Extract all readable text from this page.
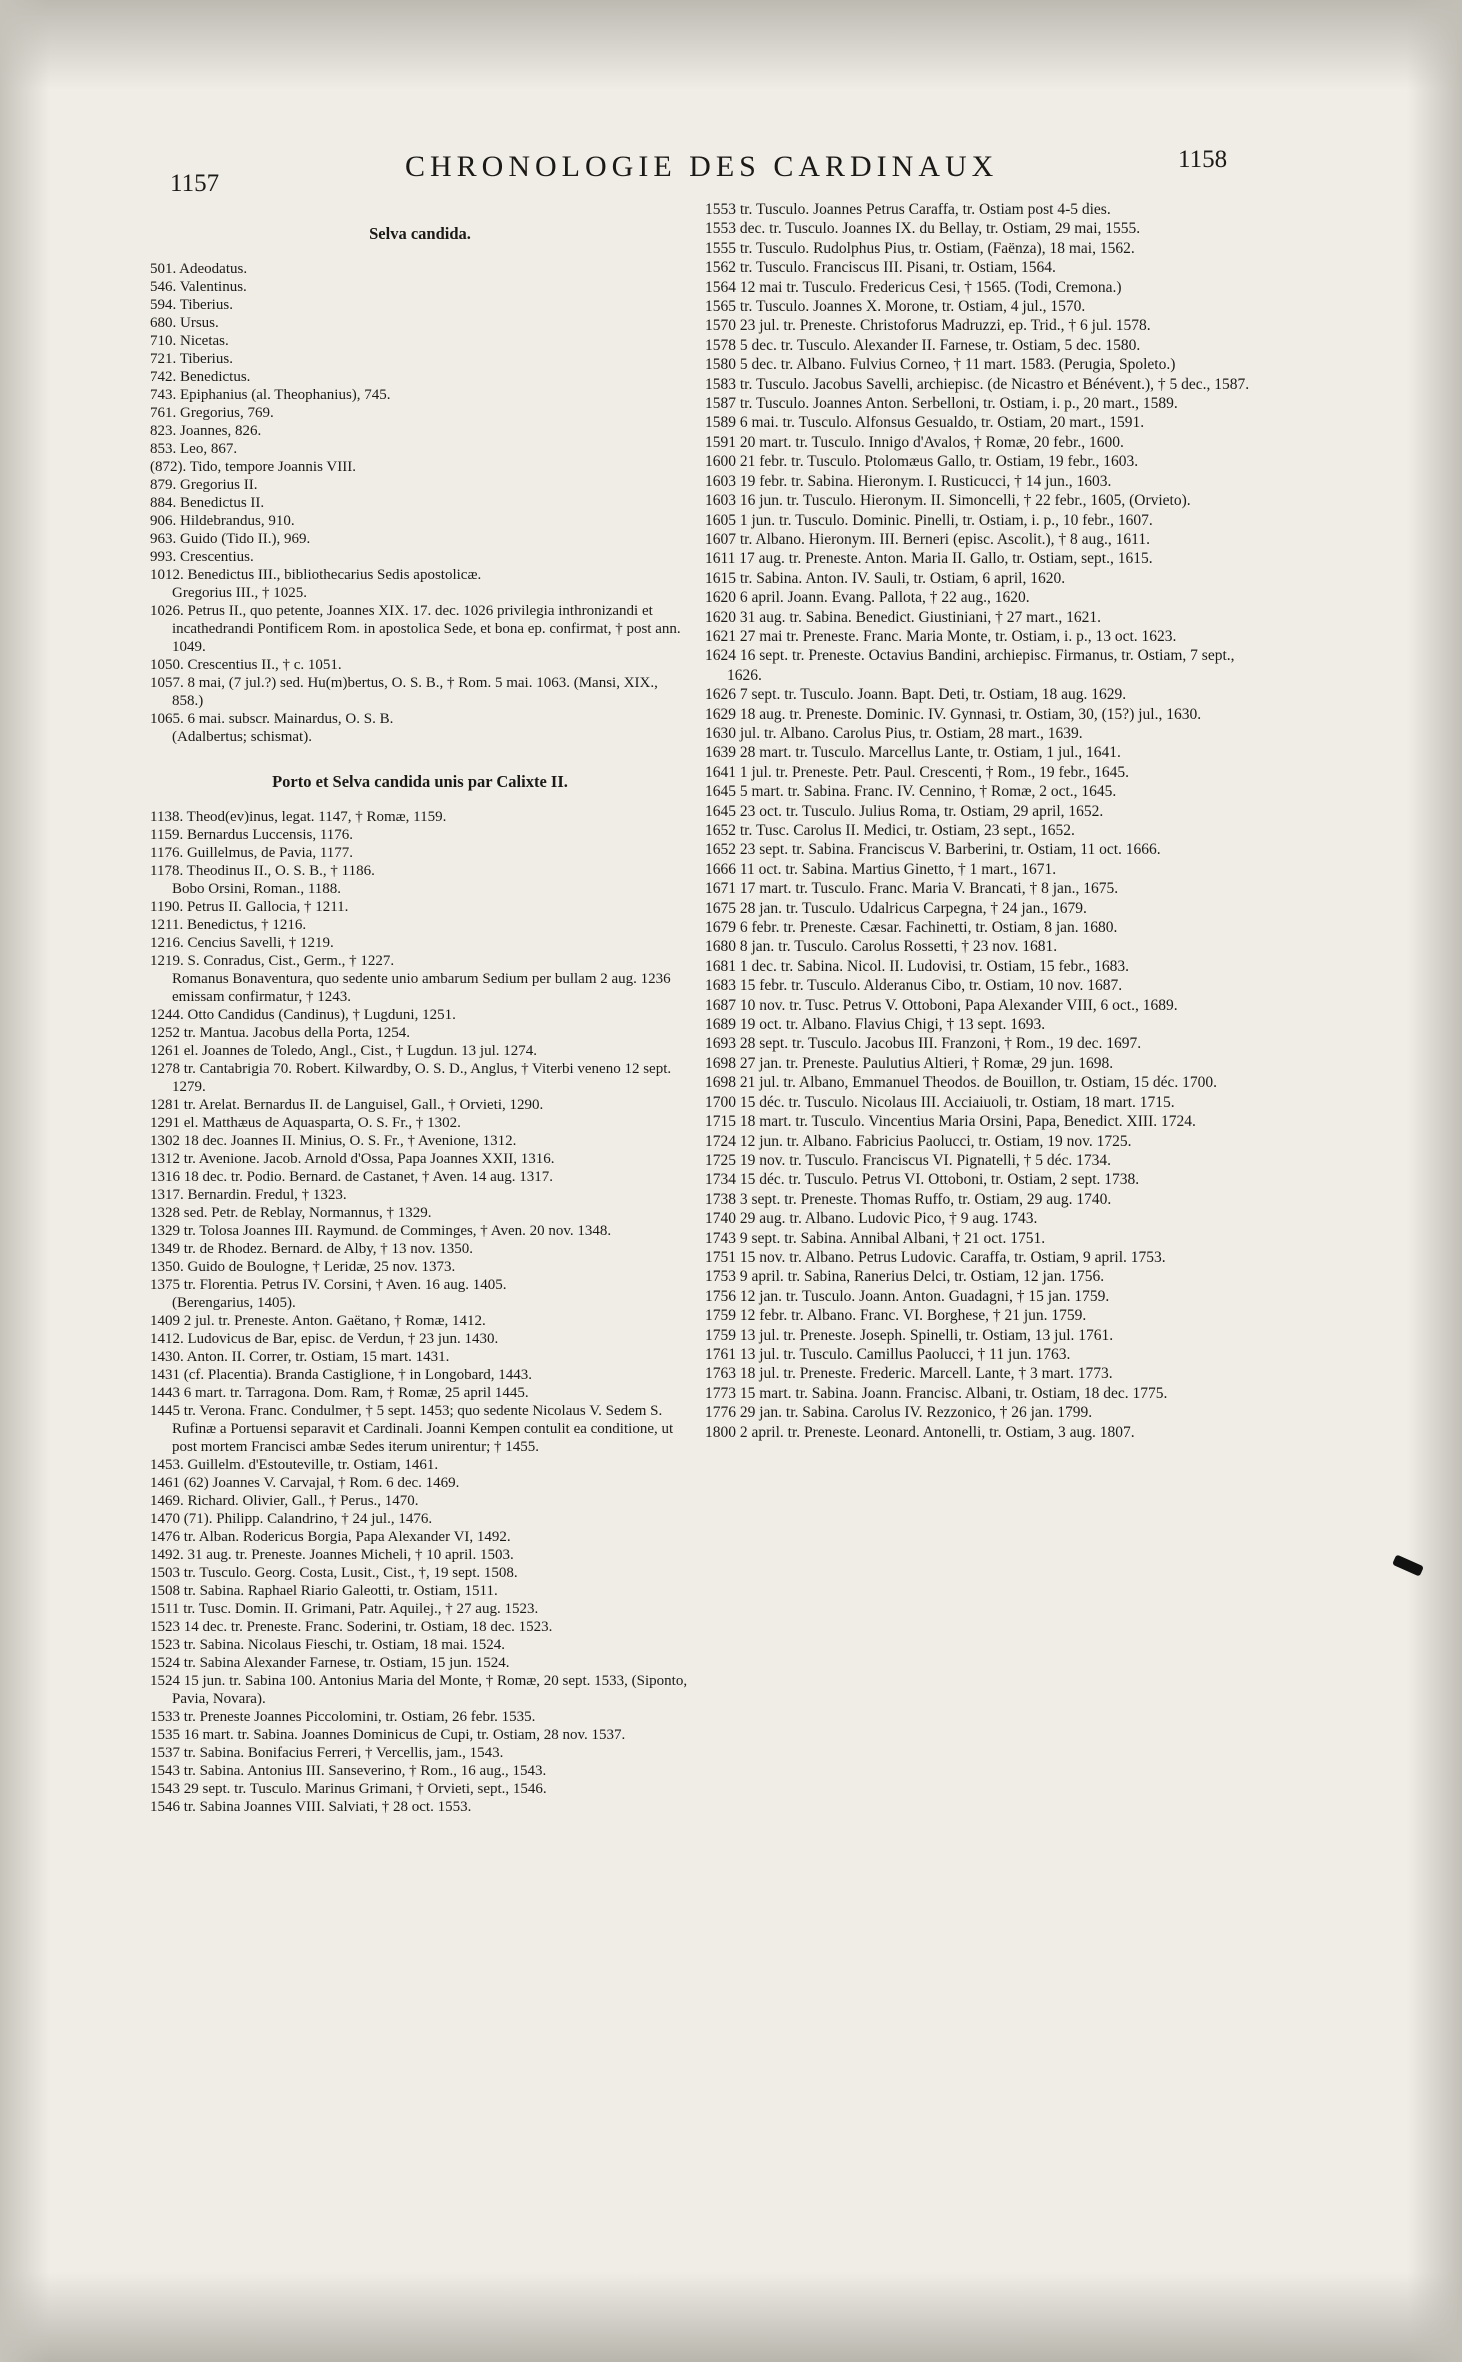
1157
CHRONOLOGIE DES CARDINAUX	1158
Selva candida.
501. Adeodatus.
546. Valentinus.
594. Tiberius.
680. Ursus.
710. Nicetas.
721. Tiberius.
742. Benedictus.
743. Epiphanius (al. Theophanius), 745.
761. Gregorius, 769.
823. Joannes, 826.
853. Leo, 867.
(872). Tido, tempore Joannis VIII.
879. Gregorius II.
884. Benedictus II.
906. Hildebrandus, 910.
963. Guido (Tido II.), 969.
993. Crescentius.
1012. Benedictus III., bibliothecarius Sedis apostolicæ.
Gregorius III., † 1025.
1026. Petrus II., quo petente, Joannes XIX. 17. dec. 1026 privilegia inthronizandi et incathedrandi Pontificem Rom. in apostolica Sede, et bona ep. confirmat, † post ann. 1049.
1050. Crescentius II., † c. 1051.
1057. 8 mai, (7 jul.?) sed. Hu(m)bertus, O. S. B., † Rom. 5 mai. 1063. (Mansi, XIX., 858.)
1065. 6 mai. subscr. Mainardus, O. S. B.
(Adalbertus; schismat).
Porto et Selva candida unis par Calixte II.
1138. Theod(ev)inus, legat. 1147, † Romæ, 1159.
1159. Bernardus Luccensis, 1176.
1176. Guillelmus, de Pavia, 1177.
1178. Theodinus II., O. S. B., † 1186.
Bobo Orsini, Roman., 1188.
1190. Petrus II. Gallocia, † 1211.
1211. Benedictus, † 1216.
1216. Cencius Savelli, † 1219.
1219. S. Conradus, Cist., Germ., † 1227.
Romanus Bonaventura, quo sedente unio ambarum Sedium per bullam 2 aug. 1236 emissam confirmatur, † 1243.
1244. Otto Candidus (Candinus), † Lugduni, 1251.
1252 tr. Mantua. Jacobus della Porta, 1254.
1261 el. Joannes de Toledo, Angl., Cist., † Lugdun. 13 jul. 1274.
1278 tr. Cantabrigia 70. Robert. Kilwardby, O. S. D., Anglus, † Viterbi veneno 12 sept. 1279.
1281 tr. Arelat. Bernardus II. de Languisel, Gall., † Orvieti, 1290.
1291 el. Matthæus de Aquasparta, O. S. Fr., † 1302.
1302 18 dec. Joannes II. Minius, O. S. Fr., † Avenione, 1312.
1312 tr. Avenione. Jacob. Arnold d'Ossa, Papa Joannes XXII, 1316.
1316 18 dec. tr. Podio. Bernard. de Castanet, † Aven. 14 aug. 1317.
1317. Bernardin. Fredul, † 1323.
1328 sed. Petr. de Reblay, Normannus, † 1329.
1329 tr. Tolosa Joannes III. Raymund. de Comminges, † Aven. 20 nov. 1348.
1349 tr. de Rhodez. Bernard. de Alby, † 13 nov. 1350.
1350. Guido de Boulogne, † Leridæ, 25 nov. 1373.
1375 tr. Florentia. Petrus IV. Corsini, † Aven. 16 aug. 1405.
(Berengarius, 1405).
1409 2 jul. tr. Preneste. Anton. Gaëtano, † Romæ, 1412.
1412. Ludovicus de Bar, episc. de Verdun, † 23 jun. 1430.
1430. Anton. II. Correr, tr. Ostiam, 15 mart. 1431.
1431 (cf. Placentia). Branda Castiglione, † in Longobard, 1443.
1443 6 mart. tr. Tarragona. Dom. Ram, † Romæ, 25 april 1445.
1445 tr. Verona. Franc. Condulmer, † 5 sept. 1453; quo sedente Nicolaus V. Sedem S. Rufinæ a Portuensi separavit et Cardinali. Joanni Kempen contulit ea conditione, ut post mortem Francisci ambæ Sedes iterum unirentur; † 1455.
1453. Guillelm. d'Estouteville, tr. Ostiam, 1461.
1461 (62) Joannes V. Carvajal, † Rom. 6 dec. 1469.
1469. Richard. Olivier, Gall., † Perus., 1470.
1470 (71). Philipp. Calandrino, † 24 jul., 1476.
1476 tr. Alban. Rodericus Borgia, Papa Alexander VI, 1492.
1492. 31 aug. tr. Preneste. Joannes Micheli, † 10 april. 1503.
1503 tr. Tusculo. Georg. Costa, Lusit., Cist., †, 19 sept. 1508.
1508 tr. Sabina. Raphael Riario Galeotti, tr. Ostiam, 1511.
1511 tr. Tusc. Domin. II. Grimani, Patr. Aquilej., † 27 aug. 1523.
1523 14 dec. tr. Preneste. Franc. Soderini, tr. Ostiam, 18 dec. 1523.
1523 tr. Sabina. Nicolaus Fieschi, tr. Ostiam, 18 mai. 1524.
1524 tr. Sabina Alexander Farnese, tr. Ostiam, 15 jun. 1524.
1524 15 jun. tr. Sabina 100. Antonius Maria del Monte, † Romæ, 20 sept. 1533, (Siponto, Pavia, Novara).
1533 tr. Preneste Joannes Piccolomini, tr. Ostiam, 26 febr. 1535.
1535 16 mart. tr. Sabina. Joannes Dominicus de Cupi, tr. Ostiam, 28 nov. 1537.
1537 tr. Sabina. Bonifacius Ferreri, † Vercellis, jam., 1543.
1543 tr. Sabina. Antonius III. Sanseverino, † Rom., 16 aug., 1543.
1543 29 sept. tr. Tusculo. Marinus Grimani, † Orvieti, sept., 1546.
1546 tr. Sabina Joannes VIII. Salviati, † 28 oct. 1553.
1553 tr. Tusculo. Joannes Petrus Caraffa, tr. Ostiam post 4-5 dies.
1553 dec. tr. Tusculo. Joannes IX. du Bellay, tr. Ostiam, 29 mai, 1555.
1555 tr. Tusculo. Rudolphus Pius, tr. Ostiam, (Faënza), 18 mai, 1562.
1562 tr. Tusculo. Franciscus III. Pisani, tr. Ostiam, 1564.
1564 12 mai tr. Tusculo. Fredericus Cesi, † 1565. (Todi, Cremona.)
1565 tr. Tusculo. Joannes X. Morone, tr. Ostiam, 4 jul., 1570.
1570 23 jul. tr. Preneste. Christoforus Madruzzi, ep. Trid., † 6 jul. 1578.
1578 5 dec. tr. Tusculo. Alexander II. Farnese, tr. Ostiam, 5 dec. 1580.
1580 5 dec. tr. Albano. Fulvius Corneo, † 11 mart. 1583. (Perugia, Spoleto.)
1583 tr. Tusculo. Jacobus Savelli, archiepisc. (de Nicastro et Bénévent.), † 5 dec., 1587.
1587 tr. Tusculo. Joannes Anton. Serbelloni, tr. Ostiam, i. p., 20 mart., 1589.
1589 6 mai. tr. Tusculo. Alfonsus Gesualdo, tr. Ostiam, 20 mart., 1591.
1591 20 mart. tr. Tusculo. Innigo d'Avalos, † Romæ, 20 febr., 1600.
1600 21 febr. tr. Tusculo. Ptolomæus Gallo, tr. Ostiam, 19 febr., 1603.
1603 19 febr. tr. Sabina. Hieronym. I. Rusticucci, † 14 jun., 1603.
1603 16 jun. tr. Tusculo. Hieronym. II. Simoncelli, † 22 febr., 1605, (Orvieto).
1605 1 jun. tr. Tusculo. Dominic. Pinelli, tr. Ostiam, i. p., 10 febr., 1607.
1607 tr. Albano. Hieronym. III. Berneri (episc. Ascolit.), † 8 aug., 1611.
1611 17 aug. tr. Preneste. Anton. Maria II. Gallo, tr. Ostiam, sept., 1615.
1615 tr. Sabina. Anton. IV. Sauli, tr. Ostiam, 6 april, 1620.
1620 6 april. Joann. Evang. Pallota, † 22 aug., 1620.
1620 31 aug. tr. Sabina. Benedict. Giustiniani, † 27 mart., 1621.
1621 27 mai tr. Preneste. Franc. Maria Monte, tr. Ostiam, i. p., 13 oct. 1623.
1624 16 sept. tr. Preneste. Octavius Bandini, archiepisc. Firmanus, tr. Ostiam, 7 sept., 1626.
1626 7 sept. tr. Tusculo. Joann. Bapt. Deti, tr. Ostiam, 18 aug. 1629.
1629 18 aug. tr. Preneste. Dominic. IV. Gynnasi, tr. Ostiam, 30, (15?) jul., 1630.
1630 jul. tr. Albano. Carolus Pius, tr. Ostiam, 28 mart., 1639.
1639 28 mart. tr. Tusculo. Marcellus Lante, tr. Ostiam, 1 jul., 1641.
1641 1 jul. tr. Preneste. Petr. Paul. Crescenti, † Rom., 19 febr., 1645.
1645 5 mart. tr. Sabina. Franc. IV. Cennino, † Romæ, 2 oct., 1645.
1645 23 oct. tr. Tusculo. Julius Roma, tr. Ostiam, 29 april, 1652.
1652 tr. Tusc. Carolus II. Medici, tr. Ostiam, 23 sept., 1652.
1652 23 sept. tr. Sabina. Franciscus V. Barberini, tr. Ostiam, 11 oct. 1666.
1666 11 oct. tr. Sabina. Martius Ginetto, † 1 mart., 1671.
1671 17 mart. tr. Tusculo. Franc. Maria V. Brancati, † 8 jan., 1675.
1675 28 jan. tr. Tusculo. Udalricus Carpegna, † 24 jan., 1679.
1679 6 febr. tr. Preneste. Cæsar. Fachinetti, tr. Ostiam, 8 jan. 1680.
1680 8 jan. tr. Tusculo. Carolus Rossetti, † 23 nov. 1681.
1681 1 dec. tr. Sabina. Nicol. II. Ludovisi, tr. Ostiam, 15 febr., 1683.
1683 15 febr. tr. Tusculo. Alderanus Cibo, tr. Ostiam, 10 nov. 1687.
1687 10 nov. tr. Tusc. Petrus V. Ottoboni, Papa Alexander VIII, 6 oct., 1689.
1689 19 oct. tr. Albano. Flavius Chigi, † 13 sept. 1693.
1693 28 sept. tr. Tusculo. Jacobus III. Franzoni, † Rom., 19 dec. 1697.
1698 27 jan. tr. Preneste. Paulutius Altieri, † Romæ, 29 jun. 1698.
1698 21 jul. tr. Albano, Emmanuel Theodos. de Bouillon, tr. Ostiam, 15 déc. 1700.
1700 15 déc. tr. Tusculo. Nicolaus III. Acciaiuoli, tr. Ostiam, 18 mart. 1715.
1715 18 mart. tr. Tusculo. Vincentius Maria Orsini, Papa, Benedict. XIII. 1724.
1724 12 jun. tr. Albano. Fabricius Paolucci, tr. Ostiam, 19 nov. 1725.
1725 19 nov. tr. Tusculo. Franciscus VI. Pignatelli, † 5 déc. 1734.
1734 15 déc. tr. Tusculo. Petrus VI. Ottoboni, tr. Ostiam, 2 sept. 1738.
1738 3 sept. tr. Preneste. Thomas Ruffo, tr. Ostiam, 29 aug. 1740.
1740 29 aug. tr. Albano. Ludovic Pico, † 9 aug. 1743.
1743 9 sept. tr. Sabina. Annibal Albani, † 21 oct. 1751.
1751 15 nov. tr. Albano. Petrus Ludovic. Caraffa, tr. Ostiam, 9 april. 1753.
1753 9 april. tr. Sabina, Ranerius Delci, tr. Ostiam, 12 jan. 1756.
1756 12 jan. tr. Tusculo. Joann. Anton. Guadagni, † 15 jan. 1759.
1759 12 febr. tr. Albano. Franc. VI. Borghese, † 21 jun. 1759.
1759 13 jul. tr. Preneste. Joseph. Spinelli, tr. Ostiam, 13 jul. 1761.
1761 13 jul. tr. Tusculo. Camillus Paolucci, † 11 jun. 1763.
1763 18 jul. tr. Preneste. Frederic. Marcell. Lante, † 3 mart. 1773.
1773 15 mart. tr. Sabina. Joann. Francisc. Albani, tr. Ostiam, 18 dec. 1775.
1776 29 jan. tr. Sabina. Carolus IV. Rezzonico, † 26 jan. 1799.
1800 2 april. tr. Preneste. Leonard. Antonelli, tr. Ostiam, 3 aug. 1807.
